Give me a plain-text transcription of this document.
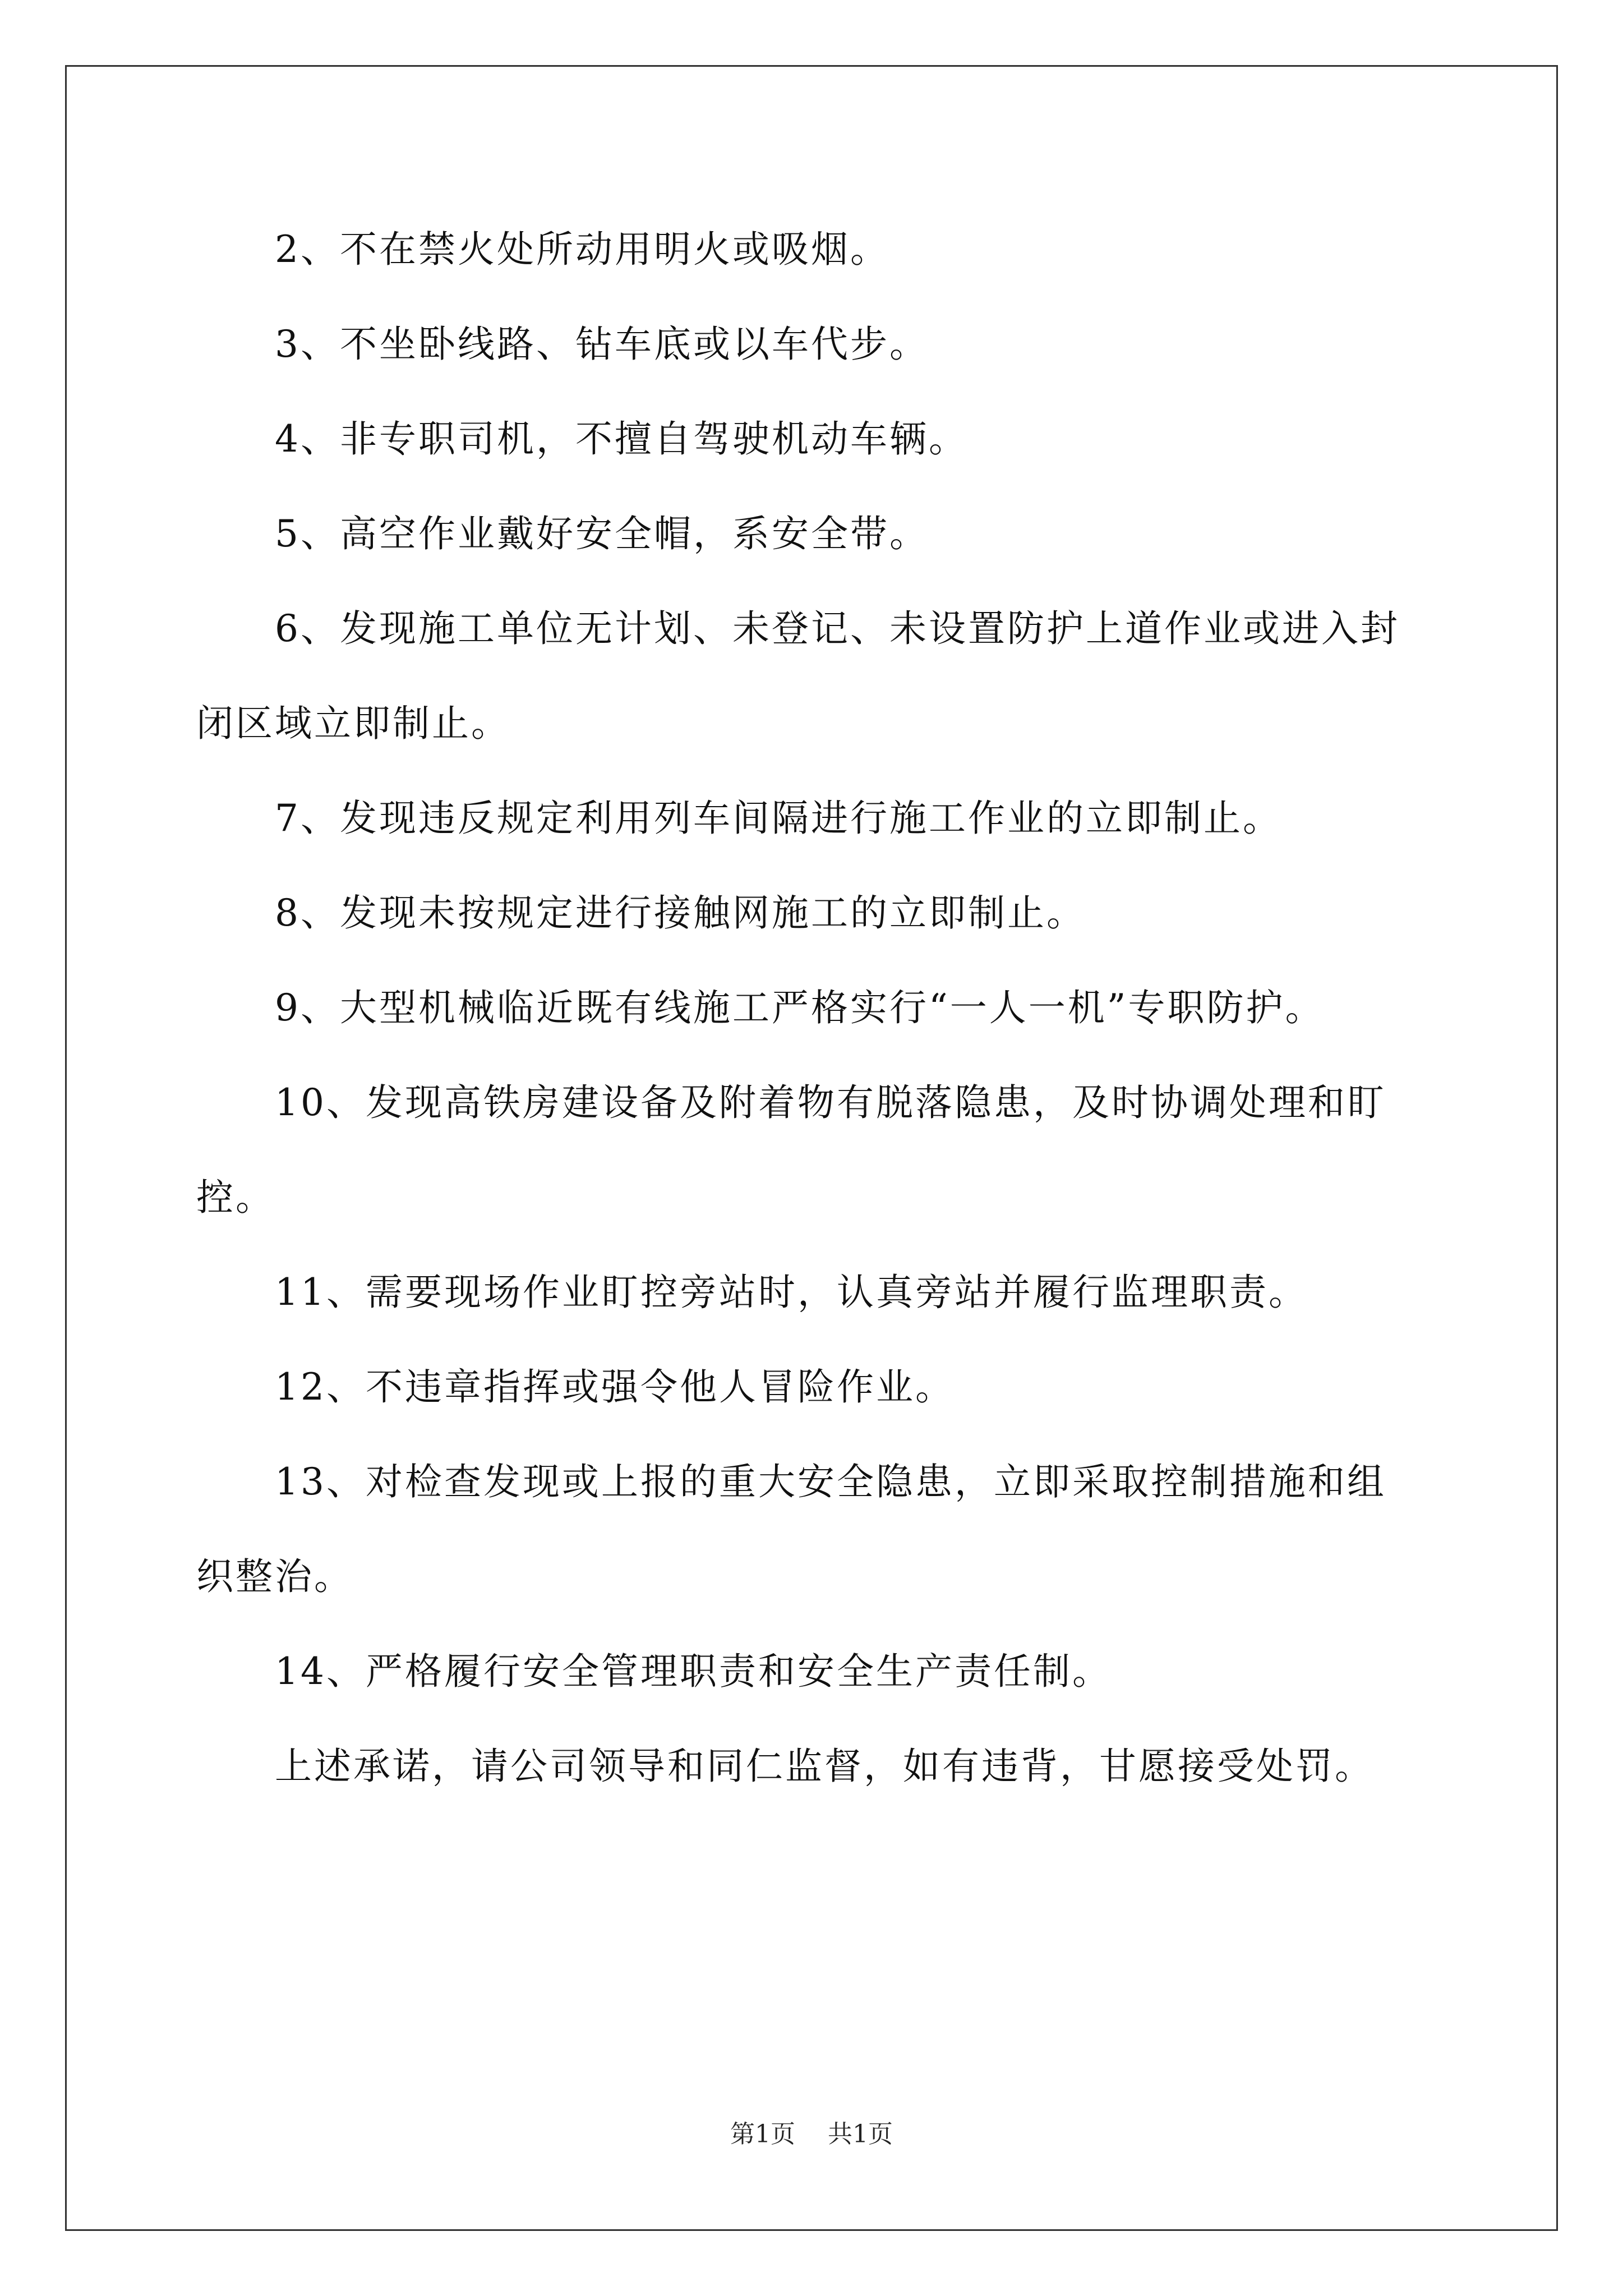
2、不在禁火处所动用明火或吸烟。
3、不坐卧线路、钻车底或以车代步。
4、非专职司机，不擅自驾驶机动车辆。
5、高空作业戴好安全帽，系安全带。
6、发现施工单位无计划、未登记、未设置防护上道作业或进入封
闭区域立即制止。
7、发现违反规定利用列车间隔进行施工作业的立即制止。
8、发现未按规定进行接触网施工的立即制止。
9、大型机械临近既有线施工严格实行“一人一机”专职防护。
10、发现高铁房建设备及附着物有脱落隐患，及时协调处理和盯
控。
11、需要现场作业盯控旁站时，认真旁站并履行监理职责。
12、不违章指挥或强令他人冒险作业。
13、对检查发现或上报的重大安全隐患，立即采取控制措施和组
织整治。
14、严格履行安全管理职责和安全生产责任制。
上述承诺，请公司领导和同仁监督，如有违背，甘愿接受处罚。
第1页 共1页
